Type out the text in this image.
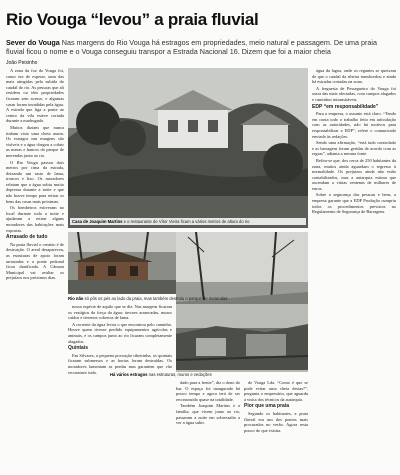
Rio Vouga “levou” a praia fluvial
Sever do Vouga Nas margens do Rio Vouga há estragos em propriedades, meio natural e passagem. De uma praia fluvial ficou o nome e o Vouga conseguiu transpor a Estrada Nacional 16. Dizem que foi a maior cheia
João Peixinho

A zona da foz do Vouga foi, como era de esperar, uma das mais atingidas pela subida do caudal do rio. As pessoas que ali residem ou têm propriedades ficaram sem acesso, e algumas casas foram invadidas pela água. A estrada que liga a ponte ao centro da vila esteve cortada durante a madrugada.

Muitos diziam que nunca tinham visto uma cheia assim. Os estragos nas margens são visíveis e a água chegou a cobrir as mesas e bancos do parque de merendas junto ao rio.

O Rio Vouga passou dois metros por cima da estrada, deixando um rasto de lama, troncos e lixo. Os moradores relatam que a água subiu muito depressa durante a noite e que não houve tempo para retirar os bens das casas mais próximas.

Os bombeiros estiveram no local durante toda a noite e ajudaram a retirar alguns moradores das habitações mais expostas.

Arrasado de tudo

Na praia fluvial o cenário é de destruição. O areal desapareceu, as estruturas de apoio foram arrastadas e a ponte pedonal ficou danificada. A Câmara Municipal vai avaliar os prejuízos nos próximos dias.

Casa de Joaquim Martins e o restaurante de Vítor Vieira ficam a vários metros de altura do rio
Rio não só pôs os pés ao lado da praia, mas também destruiu o parque de merendas
Há vários estragos nas estruturas, muros e vedações

nossa espécie de aquilo que se diz. Nas margens ficaram os vestígios da força da água: árvores arrancadas, muros caídos e terrenos cobertos de lama.

A corrente da água levou o que encontrou pelo caminho. Houve quem tivesse perdido equipamentos agrícolas e animais, e os campos junto ao rio ficaram completamente alagados.

Quintais

Em Silvares, a pequena povoação ribeirinha, os quintais ficaram submersos e as hortas foram destruídas. Os moradores lamentam as perdas mas garantem que vão reconstruir tudo.

dado para a frente”, diz o dono do bar. O espaço foi inaugurado há pouco tempo e agora terá de ser reconstruído quase na totalidade.

Também Joaquim Martins e a família, que vivem junto ao rio, passaram a noite em sobressalto a ver a água subir.

de Vouga Lda. “Como é que se pode evitar uma cheia destas?”, pergunta o empresário, que aguarda a visita dos técnicos da autarquia.

Pior que uma praia

Segundo os habitantes, a praia fluvial era um dos pontos mais procurados no verão. Agora resta pouco do que existia.

água da lagoa, onde os regantes se queixam de que o caudal da ribeira transbordou e ainda há estradas cortadas na zona.

A freguesia de Pessegueiro do Vouga foi outra das mais afectadas, com campos alagados e caminhos intransitáveis.

EDP “em responsabilidade”

Para a empresa, o assunto está claro. “Tendo em conta todo o trabalho feito em articulação com as autoridades, não há motivos para responsabilizar a EDP”, refere o comunicado enviado às redações.

Sendo uma afirmação, “está tudo controlado e as barragens foram geridas de acordo com as regras”, adianta a mesma fonte.

Refira-se que, dos cerca de 250 habitantes da zona, muitos ainda aguardam o regresso à normalidade. Os prejuízos ainda não estão contabilizados, mas a autarquia estima que ascendam a várias centenas de milhares de euros.

Sobre a segurança das pessoas e bens, a empresa garante que a EDP Produção cumpriu todos os procedimentos previstos no Regulamento de Segurança de Barragens.
